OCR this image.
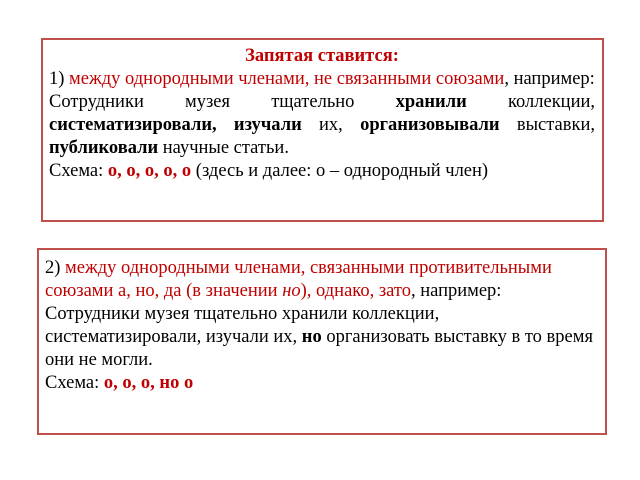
Запятая ставится:
1) между однородными членами, не связанными союзами, например:
Сотрудники музея тщательно хранили коллекции, систематизировали, изучали их, организовывали выставки, публиковали научные статьи.
Схема: о, о, о, о, о (здесь и далее: о – однородный член)
2) между однородными членами, связанными противительными союзами а, но, да (в значении но), однако, зато, например:
Сотрудники музея тщательно хранили коллекции, систематизировали, изучали их, но организовать выставку в то время они не могли.
Схема: о, о, о, но о
